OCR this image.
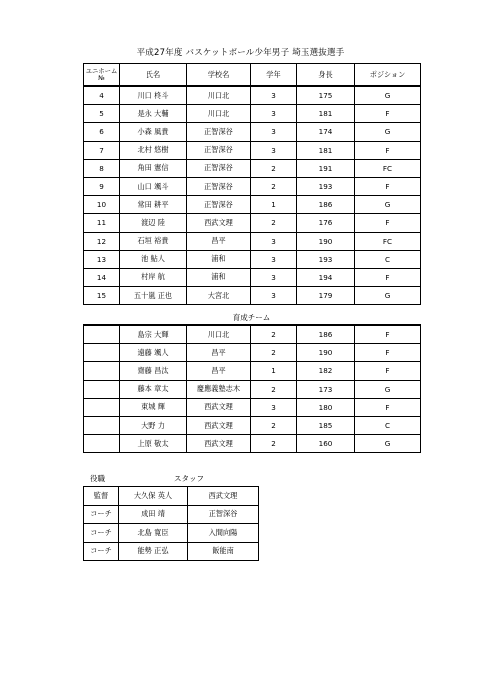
平成27年度 バスケットボール少年男子 埼玉選抜選手
ユニホーム
№	氏名	学校名	学年	身長	ポジション
4	川口 柊斗	川口北	3	175	G
5	是永 大輔	川口北	3	181	F
6	小森 風貴	正智深谷	3	174	G
7	北村 悠樹	正智深谷	3	181	F
8	角田 憲信	正智深谷	2	191	FC
9	山口 颯斗	正智深谷	2	193	F
10	常田 耕平	正智深谷	1	186	G
11	渡辺 陸	西武文理	2	176	F
12	石垣 裕貴	昌平	3	190	FC
13	池 鮎人	浦和	3	193	C
14	村岸 航	浦和	3	194	F
15	五十嵐 正也	大宮北	3	179	G
育成チーム
	島宗 大輝	川口北	2	186	F
	遠藤 颯人	昌平	2	190	F
	齋藤 昌汰	昌平	1	182	F
	藤本 章太	慶應義塾志木	2	173	G
	東城 輝	西武文理	3	180	F
	大野 力	西武文理	2	185	C
	上原 敬太	西武文理	2	160	G
役職	スタッフ
監督	大久保 英人	西武文理
コーチ	成田 靖	正智深谷
コーチ	北島 寛臣	入間向陽
コーチ	能勢 正弘	飯能南
